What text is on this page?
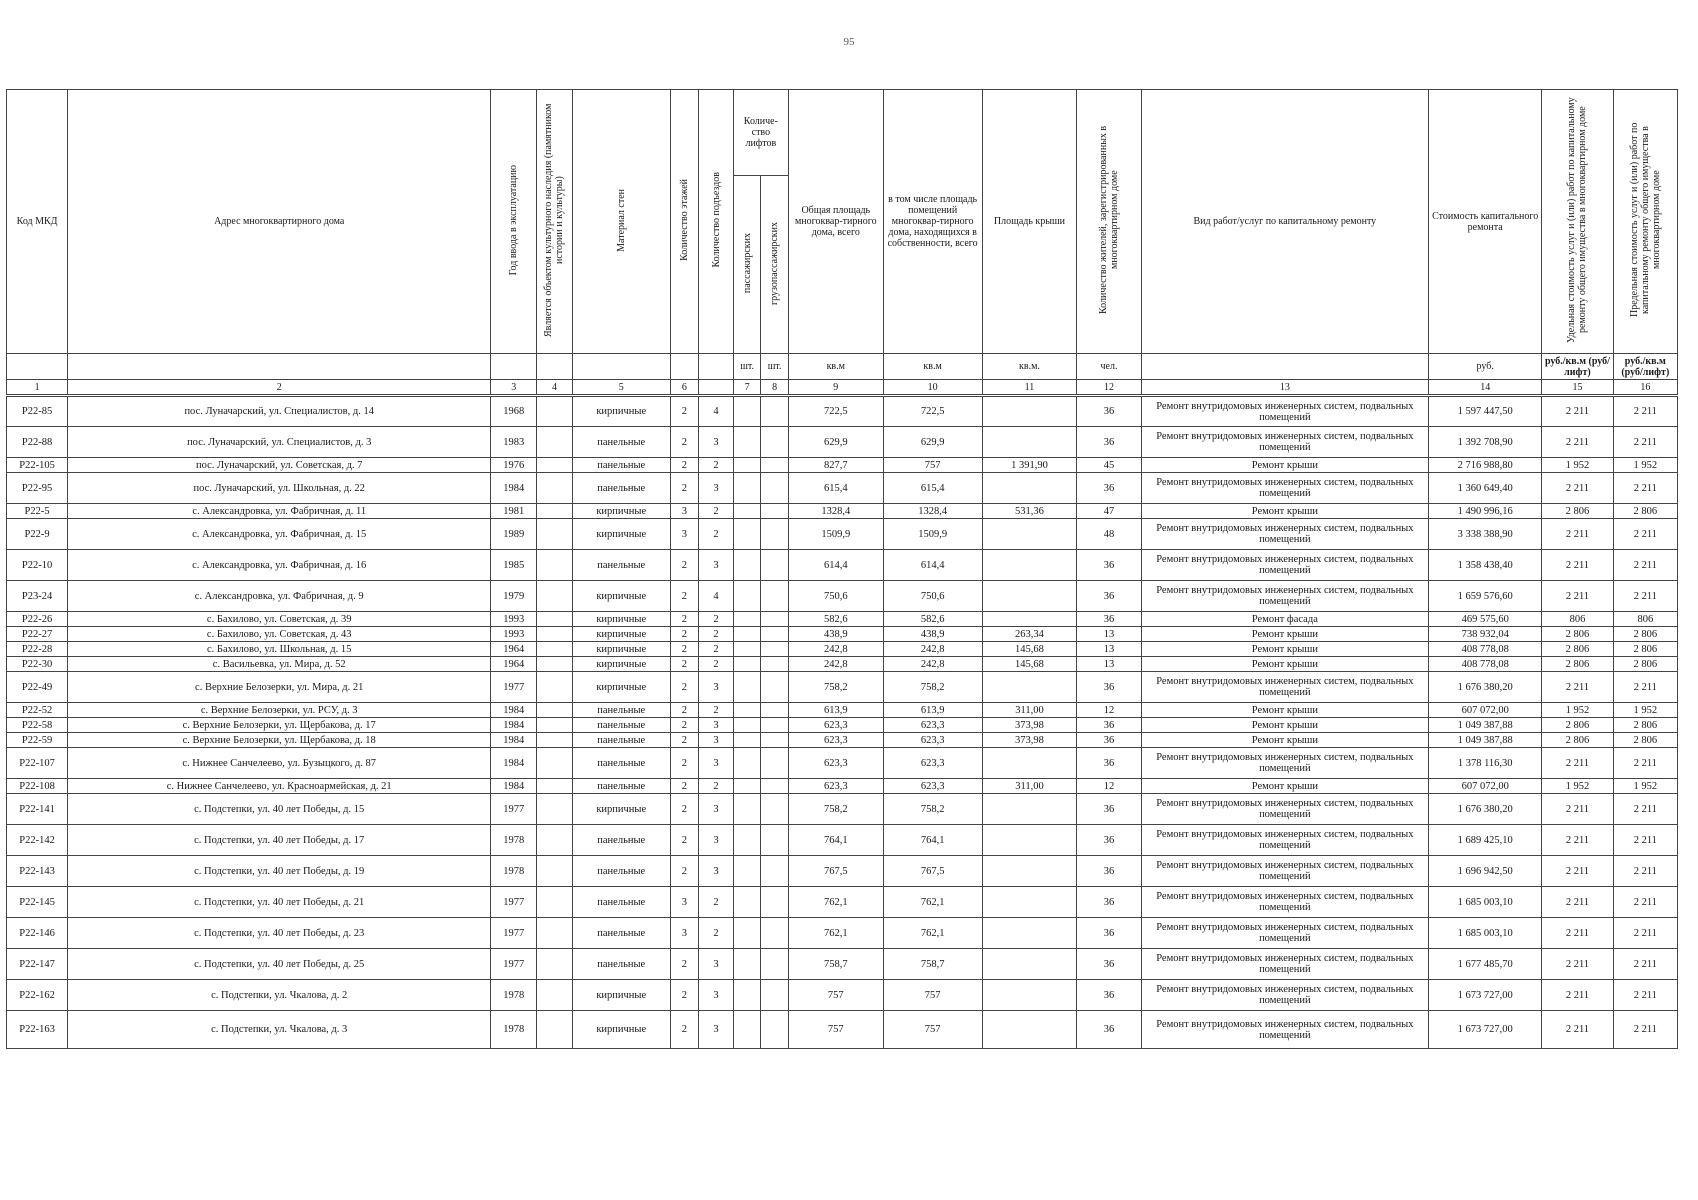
95
Код МКД	Адрес многоквартирного дома	Год ввода в эксплуатацию	Является объектом культурного наследия (памятником истории и культуры)	Материал стен	Количество этажей	Количество подъездов	Количе-ство лифтов		Общая площадь многоквар-тирного дома, всего	в том числе площадь помещений многоквар-тирного дома, находящихся в собственности, всего	Площадь крыши	Количество жителей, зарегистрированных в многоквартирном доме	Вид работ/услуг по капитальному ремонту	Стоимость капитального ремонта	Удельная стоимость услуг и (или) работ по капитальному ремонту общего имущества в многоквартирном доме	Предельная стоимость услуг и (или) работ по капитальному ремонту общего имущества в многоквартирном доме
							пассажирских	грузопассажирских								
							шт.	шт.	кв.м	кв.м	кв.м.	чел.		руб.	руб./кв.м (руб/лифт)	руб./кв.м (руб/лифт)
1	2	3	4	5	6		7	8	9	10	11	12	13	14	15	16
Р22-85	пос. Луначарский, ул. Специалистов, д. 14	1968		кирпичные	2	4			722,5	722,5		36	Ремонт внутридомовых инженерных систем, подвальных помещений	1 597 447,50	2 211	2 211
Р22-88	пос. Луначарский, ул. Специалистов, д. 3	1983		панельные	2	3			629,9	629,9		36	Ремонт внутридомовых инженерных систем, подвальных помещений	1 392 708,90	2 211	2 211
Р22-105	пос. Луначарский, ул. Советская, д. 7	1976		панельные	2	2			827,7	757	1 391,90	45	Ремонт крыши	2 716 988,80	1 952	1 952
Р22-95	пос. Луначарский, ул. Школьная, д. 22	1984		панельные	2	3			615,4	615,4		36	Ремонт внутридомовых инженерных систем, подвальных помещений	1 360 649,40	2 211	2 211
Р22-5	с. Александровка, ул. Фабричная, д. 11	1981		кирпичные	3	2			1328,4	1328,4	531,36	47	Ремонт крыши	1 490 996,16	2 806	2 806
Р22-9	с. Александровка, ул. Фабричная, д. 15	1989		кирпичные	3	2			1509,9	1509,9		48	Ремонт внутридомовых инженерных систем, подвальных помещений	3 338 388,90	2 211	2 211
Р22-10	с. Александровка, ул. Фабричная, д. 16	1985		панельные	2	3			614,4	614,4		36	Ремонт внутридомовых инженерных систем, подвальных помещений	1 358 438,40	2 211	2 211
Р23-24	с. Александровка, ул. Фабричная, д. 9	1979		кирпичные	2	4			750,6	750,6		36	Ремонт внутридомовых инженерных систем, подвальных помещений	1 659 576,60	2 211	2 211
Р22-26	с. Бахилово, ул. Советская, д. 39	1993		кирпичные	2	2			582,6	582,6		36	Ремонт фасада	469 575,60	806	806
Р22-27	с. Бахилово, ул. Советская, д. 43	1993		кирпичные	2	2			438,9	438,9	263,34	13	Ремонт крыши	738 932,04	2 806	2 806
Р22-28	с. Бахилово, ул. Школьная, д. 15	1964		кирпичные	2	2			242,8	242,8	145,68	13	Ремонт крыши	408 778,08	2 806	2 806
Р22-30	с. Васильевка, ул. Мира, д. 52	1964		кирпичные	2	2			242,8	242,8	145,68	13	Ремонт крыши	408 778,08	2 806	2 806
Р22-49	с. Верхние Белозерки, ул. Мира, д. 21	1977		кирпичные	2	3			758,2	758,2		36	Ремонт внутридомовых инженерных систем, подвальных помещений	1 676 380,20	2 211	2 211
Р22-52	с. Верхние Белозерки, ул. РСУ, д. 3	1984		панельные	2	2			613,9	613,9	311,00	12	Ремонт крыши	607 072,00	1 952	1 952
Р22-58	с. Верхние Белозерки, ул. Щербакова, д. 17	1984		панельные	2	3			623,3	623,3	373,98	36	Ремонт крыши	1 049 387,88	2 806	2 806
Р22-59	с. Верхние Белозерки, ул. Щербакова, д. 18	1984		панельные	2	3			623,3	623,3	373,98	36	Ремонт крыши	1 049 387,88	2 806	2 806
Р22-107	с. Нижнее Санчелеево, ул. Бузыцкого, д. 87	1984		панельные	2	3			623,3	623,3		36	Ремонт внутридомовых инженерных систем, подвальных помещений	1 378 116,30	2 211	2 211
Р22-108	с. Нижнее Санчелеево, ул. Красноармейская, д. 21	1984		панельные	2	2			623,3	623,3	311,00	12	Ремонт крыши	607 072,00	1 952	1 952
Р22-141	с. Подстепки, ул. 40 лет Победы, д. 15	1977		кирпичные	2	3			758,2	758,2		36	Ремонт внутридомовых инженерных систем, подвальных помещений	1 676 380,20	2 211	2 211
Р22-142	с. Подстепки, ул. 40 лет Победы, д. 17	1978		панельные	2	3			764,1	764,1		36	Ремонт внутридомовых инженерных систем, подвальных помещений	1 689 425,10	2 211	2 211
Р22-143	с. Подстепки, ул. 40 лет Победы, д. 19	1978		панельные	2	3			767,5	767,5		36	Ремонт внутридомовых инженерных систем, подвальных помещений	1 696 942,50	2 211	2 211
Р22-145	с. Подстепки, ул. 40 лет Победы, д. 21	1977		панельные	3	2			762,1	762,1		36	Ремонт внутридомовых инженерных систем, подвальных помещений	1 685 003,10	2 211	2 211
Р22-146	с. Подстепки, ул. 40 лет Победы, д. 23	1977		панельные	3	2			762,1	762,1		36	Ремонт внутридомовых инженерных систем, подвальных помещений	1 685 003,10	2 211	2 211
Р22-147	с. Подстепки, ул. 40 лет Победы, д. 25	1977		панельные	2	3			758,7	758,7		36	Ремонт внутридомовых инженерных систем, подвальных помещений	1 677 485,70	2 211	2 211
Р22-162	с. Подстепки, ул. Чкалова, д. 2	1978		кирпичные	2	3			757	757		36	Ремонт внутридомовых инженерных систем, подвальных помещений	1 673 727,00	2 211	2 211
Р22-163	с. Подстепки, ул. Чкалова, д. 3	1978		кирпичные	2	3			757	757		36	Ремонт внутридомовых инженерных систем, подвальных помещений	1 673 727,00	2 211	2 211
